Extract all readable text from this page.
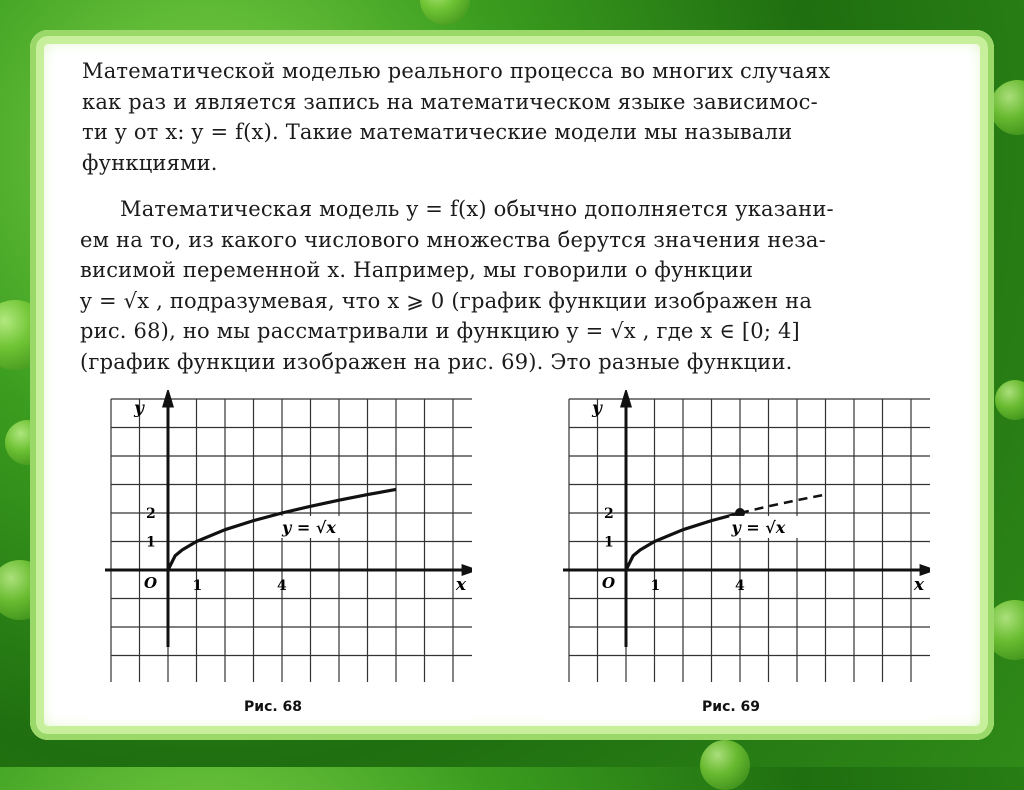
Математической моделью реального процесса во многих случаях
как раз и является запись на математическом языке зависимос-
ти y от x: y = f(x). Такие математические модели мы называли
функциями.
Математическая модель y = f(x) обычно дополняется указани-
ем на то, из какого числового множества берутся значения неза-
висимой переменной x. Например, мы говорили о функции
y = √x , подразумевая, что x ⩾ 0 (график функции изображен на
рис. 68), но мы рассматривали и функцию y = √x , где x ∈ [0; 4]
(график функции изображен на рис. 69). Это разные функции.
x
y
O	1	4
1
2
y = √x
Рис. 68
x
y
O	1	4
1
2
y = √x
Рис. 69
